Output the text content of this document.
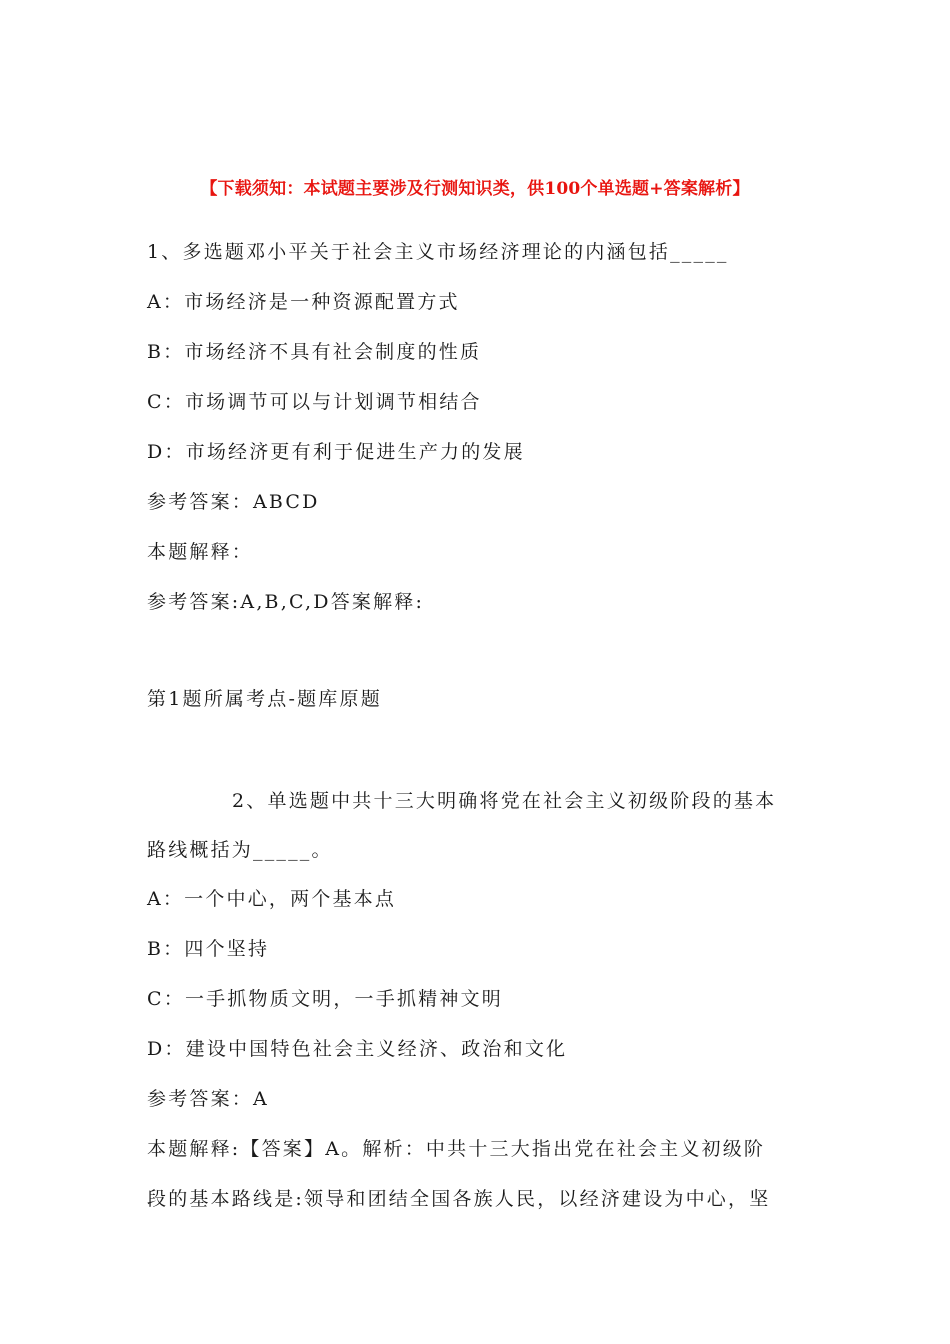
【下载须知：本试题主要涉及行测知识类，供100个单选题+答案解析】
1、多选题邓小平关于社会主义市场经济理论的内涵包括_____
A：市场经济是一种资源配置方式
B：市场经济不具有社会制度的性质
C：市场调节可以与计划调节相结合
D：市场经济更有利于促进生产力的发展
参考答案：ABCD
本题解释：
参考答案:A,B,C,D答案解释:
第1题所属考点-题库原题
2、单选题中共十三大明确将党在社会主义初级阶段的基本
路线概括为_____。
A：一个中心，两个基本点
B：四个坚持
C：一手抓物质文明，一手抓精神文明
D：建设中国特色社会主义经济、政治和文化
参考答案：A
本题解释:【答案】A。解析：中共十三大指出党在社会主义初级阶
段的基本路线是:领导和团结全国各族人民，以经济建设为中心，坚
